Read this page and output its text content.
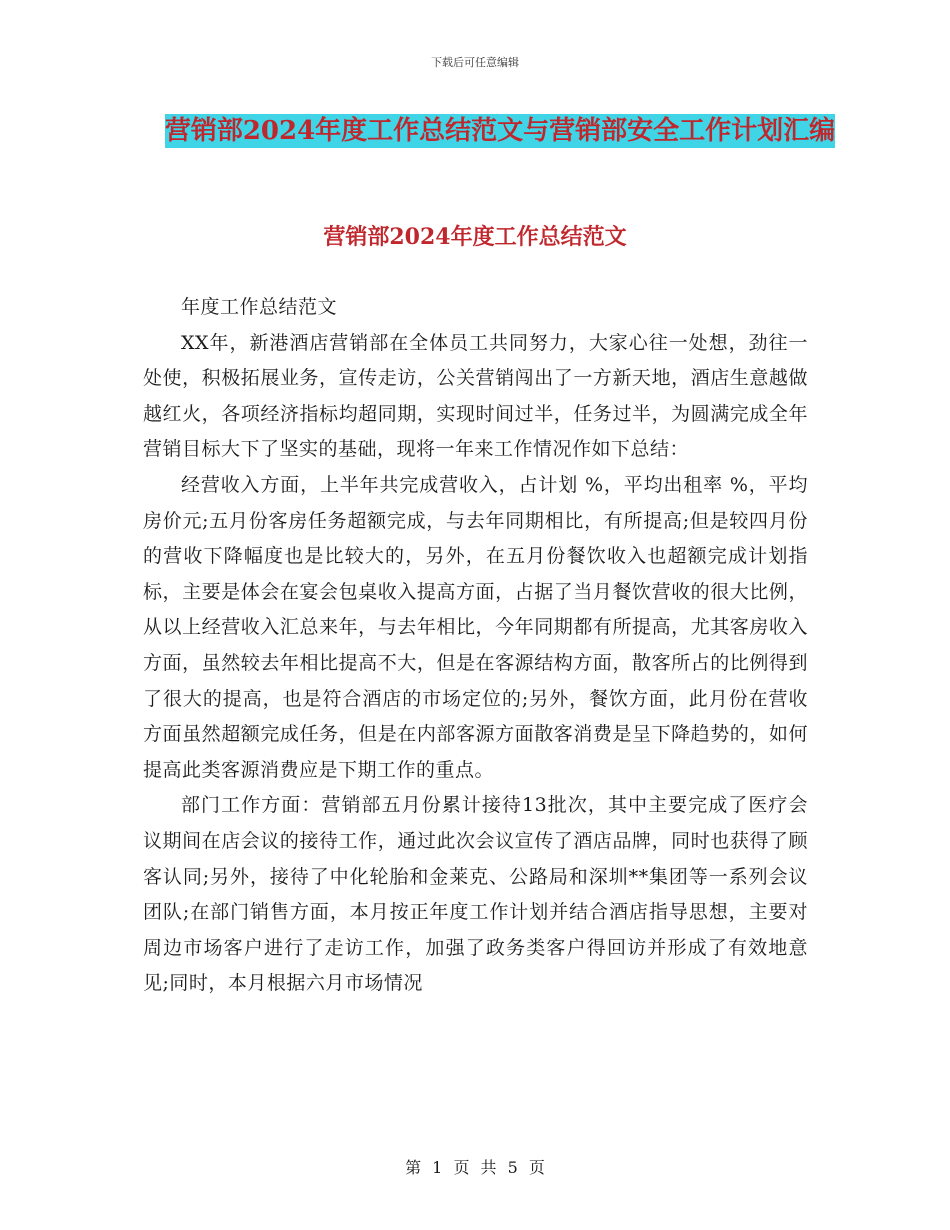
下载后可任意编辑
营销部2024年度工作总结范文与营销部安全工作计划汇编
营销部2024年度工作总结范文

年度工作总结范文

XX年，新港酒店营销部在全体员工共同努力，大家心往一处想，劲往一处使，积极拓展业务，宣传走访，公关营销闯出了一方新天地，酒店生意越做越红火，各项经济指标均超同期，实现时间过半，任务过半，为圆满完成全年营销目标大下了坚实的基础，现将一年来工作情况作如下总结：

经营收入方面，上半年共完成营收入，占计划 %，平均出租率 %，平均房价元;五月份客房任务超额完成，与去年同期相比，有所提高;但是较四月份的营收下降幅度也是比较大的，另外，在五月份餐饮收入也超额完成计划指标，主要是体会在宴会包桌收入提高方面，占据了当月餐饮营收的很大比例，从以上经营收入汇总来年，与去年相比，今年同期都有所提高，尤其客房收入方面，虽然较去年相比提高不大，但是在客源结构方面，散客所占的比例得到了很大的提高，也是符合酒店的市场定位的;另外，餐饮方面，此月份在营收方面虽然超额完成任务，但是在内部客源方面散客消费是呈下降趋势的，如何提高此类客源消费应是下期工作的重点。

部门工作方面：营销部五月份累计接待13批次，其中主要完成了医疗会议期间在店会议的接待工作，通过此次会议宣传了酒店品牌，同时也获得了顾客认同;另外，接待了中化轮胎和金莱克、公路局和深圳**集团等一系列会议团队;在部门销售方面，本月按正年度工作计划并结合酒店指导思想，主要对周边市场客户进行了走访工作，加强了政务类客户得回访并形成了有效地意见;同时，本月根据六月市场情况

第 1 页 共 5 页
